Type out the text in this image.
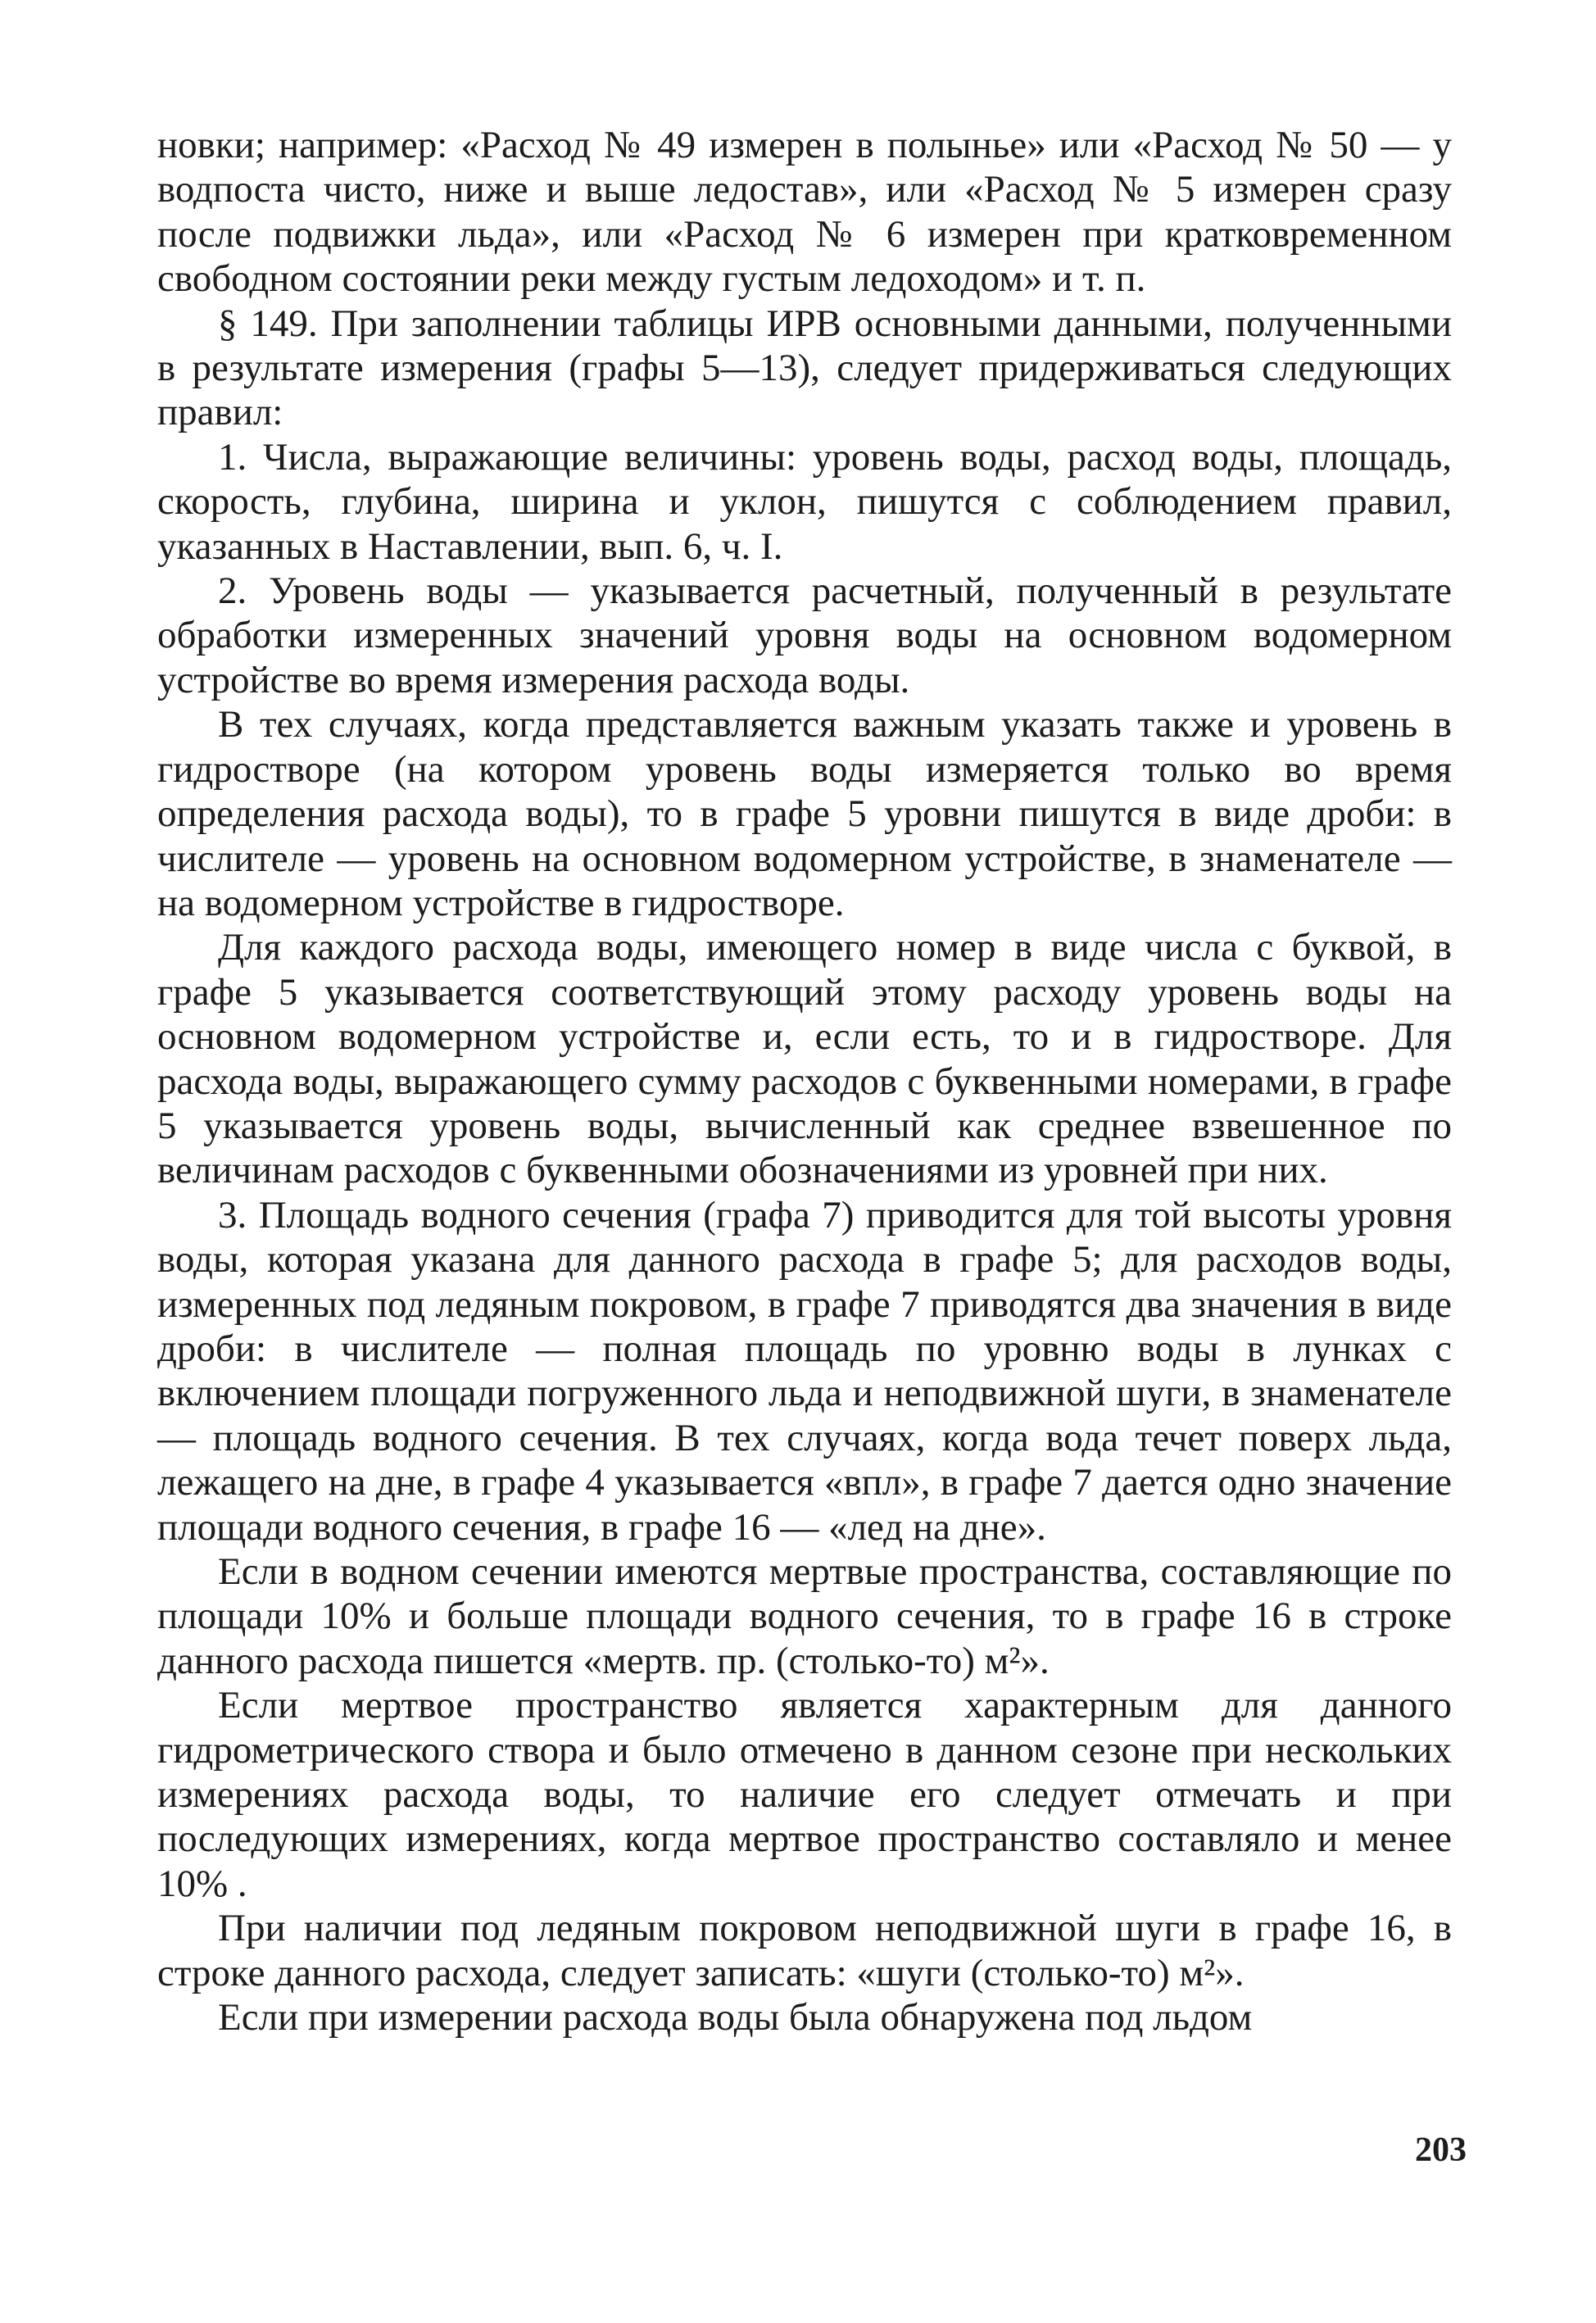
новки; например: «Расход № 49 измерен в полынье» или «Расход № 50 — у водпоста чисто, ниже и выше ледостав», или «Расход № 5 измерен сразу после подвижки льда», или «Расход № 6 измерен при кратковременном свободном состоянии реки между густым ледоходом» и т. п.

§ 149. При заполнении таблицы ИРВ основными данными, полученными в результате измерения (графы 5—13), следует придерживаться следующих правил:

1. Числа, выражающие величины: уровень воды, расход воды, площадь, скорость, глубина, ширина и уклон, пишутся с соблюдением правил, указанных в Наставлении, вып. 6, ч. I.

2. Уровень воды — указывается расчетный, полученный в результате обработки измеренных значений уровня воды на основном водомерном устройстве во время измерения расхода воды.

В тех случаях, когда представляется важным указать также и уровень в гидростворе (на котором уровень воды измеряется только во время определения расхода воды), то в графе 5 уровни пишутся в виде дроби: в числителе — уровень на основном водомерном устройстве, в знаменателе — на водомерном устройстве в гидростворе.

Для каждого расхода воды, имеющего номер в виде числа с буквой, в графе 5 указывается соответствующий этому расходу уровень воды на основном водомерном устройстве и, если есть, то и в гидростворе. Для расхода воды, выражающего сумму расходов с буквенными номерами, в графе 5 указывается уровень воды, вычисленный как среднее взвешенное по величинам расходов с буквенными обозначениями из уровней при них.

3. Площадь водного сечения (графа 7) приводится для той высоты уровня воды, которая указана для данного расхода в графе 5; для расходов воды, измеренных под ледяным покровом, в графе 7 приводятся два значения в виде дроби: в числителе — полная площадь по уровню воды в лунках с включением площади погруженного льда и неподвижной шуги, в знаменателе — площадь водного сечения. В тех случаях, когда вода течет поверх льда, лежащего на дне, в графе 4 указывается «впл», в графе 7 дается одно значение площади водного сечения, в графе 16 — «лед на дне».

Если в водном сечении имеются мертвые пространства, составляющие по площади 10% и больше площади водного сечения, то в графе 16 в строке данного расхода пишется «мертв. пр. (столько-то) м²».

Если мертвое пространство является характерным для данного гидрометрического створа и было отмечено в данном сезоне при нескольких измерениях расхода воды, то наличие его следует отмечать и при последующих измерениях, когда мертвое пространство составляло и менее 10% .

При наличии под ледяным покровом неподвижной шуги в графе 16, в строке данного расхода, следует записать: «шуги (столько-то) м²».

Если при измерении расхода воды была обнаружена под льдом

203
